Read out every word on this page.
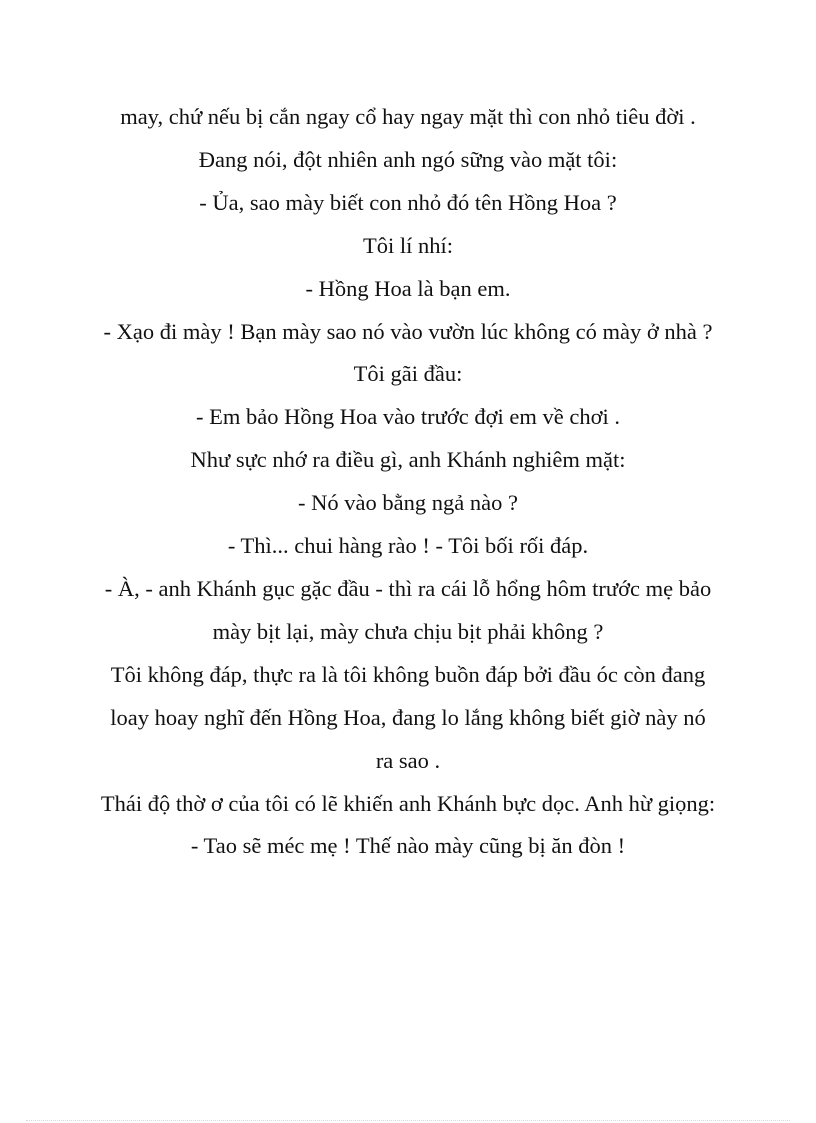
may, chứ nếu bị cắn ngay cổ hay ngay mặt thì con nhỏ tiêu đời .

Đang nói, đột nhiên anh ngó sững vào mặt tôi:

- Ủa, sao mày biết con nhỏ đó tên Hồng Hoa ?

Tôi lí nhí:

- Hồng Hoa là bạn em.

- Xạo đi mày ! Bạn mày sao nó vào vườn lúc không có mày ở nhà ?

Tôi gãi đầu:

- Em bảo Hồng Hoa vào trước đợi em về chơi .

Như sực nhớ ra điều gì, anh Khánh nghiêm mặt:

- Nó vào bằng ngả nào ?

- Thì... chui hàng rào ! - Tôi bối rối đáp.

- À, - anh Khánh gục gặc đầu - thì ra cái lỗ hổng hôm trước mẹ bảo mày bịt lại, mày chưa chịu bịt phải không ?

Tôi không đáp, thực ra là tôi không buồn đáp bởi đầu óc còn đang loay hoay nghĩ đến Hồng Hoa, đang lo lắng không biết giờ này nó ra sao .

Thái độ thờ ơ của tôi có lẽ khiến anh Khánh bực dọc. Anh hừ giọng:

- Tao sẽ méc mẹ ! Thế nào mày cũng bị ăn đòn !
